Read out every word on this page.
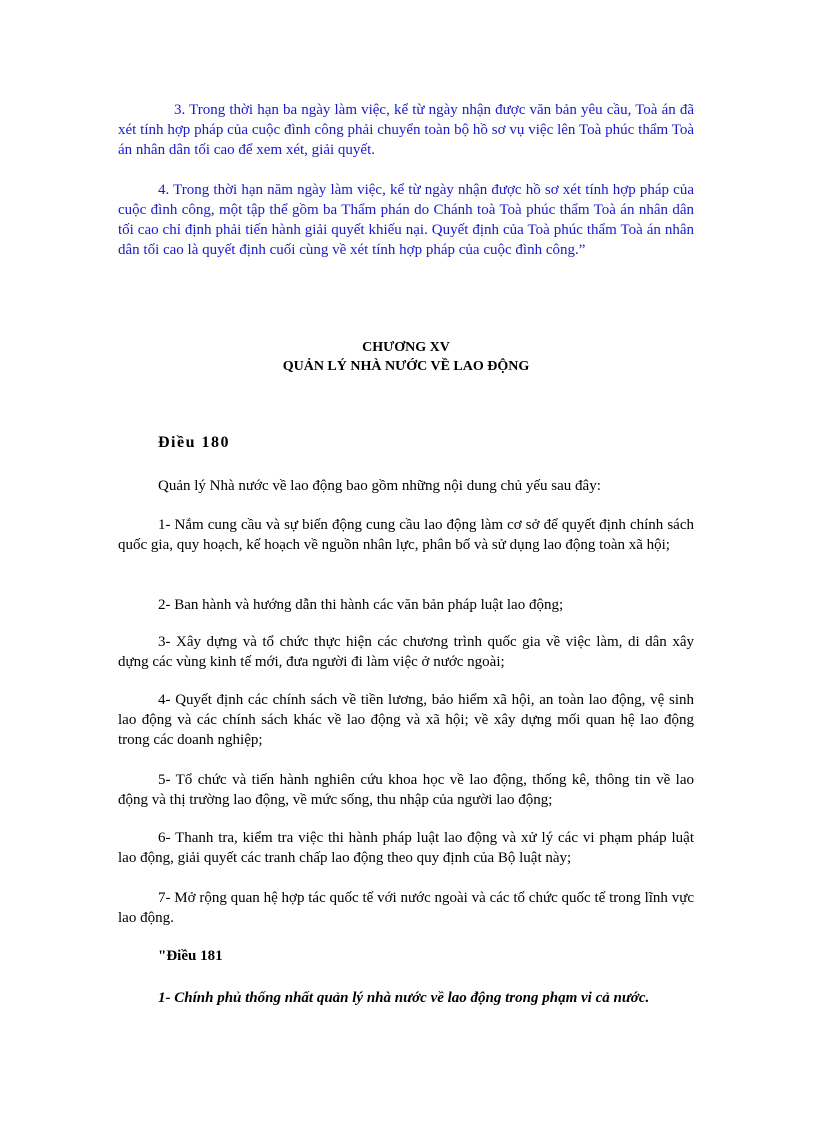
3. Trong thời hạn ba ngày làm việc, kể từ ngày nhận được văn bản yêu cầu, Toà án đã xét tính hợp pháp của cuộc đình công phải chuyển toàn bộ hồ sơ vụ việc lên Toà phúc thẩm Toà án nhân dân tối cao để xem xét, giải quyết.

4. Trong thời hạn năm ngày làm việc, kể từ ngày nhận được hồ sơ xét tính hợp pháp của cuộc đình công, một tập thể gồm ba Thẩm phán do Chánh toà Toà phúc thẩm Toà án nhân dân tối cao chỉ định phải tiến hành giải quyết khiếu nại. Quyết định của Toà phúc thẩm Toà án nhân dân tối cao là quyết định cuối cùng về xét tính hợp pháp của cuộc đình công.”

CHƯƠNG XV

QUẢN LÝ NHÀ NƯỚC VỀ LAO ĐỘNG

Điều 180

Quản lý Nhà nước về lao động bao gồm những nội dung chủ yếu sau đây:

1- Nắm cung cầu và sự biến động cung cầu lao động làm cơ sở để quyết định chính sách quốc gia, quy hoạch, kế hoạch về nguồn nhân lực, phân bố và sử dụng lao động toàn xã hội;

2- Ban hành và hướng dẫn thi hành các văn bản pháp luật lao động;

3- Xây dựng và tổ chức thực hiện các chương trình quốc gia về việc làm, di dân xây dựng các vùng kinh tế mới, đưa người đi làm việc ở nước ngoài;

4- Quyết định các chính sách về tiền lương, bảo hiểm xã hội, an toàn lao động, vệ sinh lao động và các chính sách khác về lao động và xã hội; về xây dựng mối quan hệ lao động trong các doanh nghiệp;

5- Tổ chức và tiến hành nghiên cứu khoa học về lao động, thống kê, thông tin về lao động và thị trường lao động, về mức sống, thu nhập của người lao động;

6- Thanh tra, kiểm tra việc thi hành pháp luật lao động và xử lý các vi phạm pháp luật lao động, giải quyết các tranh chấp lao động theo quy định của Bộ luật này;

7- Mở rộng quan hệ hợp tác quốc tế với nước ngoài và các tổ chức quốc tế trong lĩnh vực lao động.

"Điều 181

1- Chính phủ thống nhất quản lý nhà nước về lao động trong phạm vi cả nước.
